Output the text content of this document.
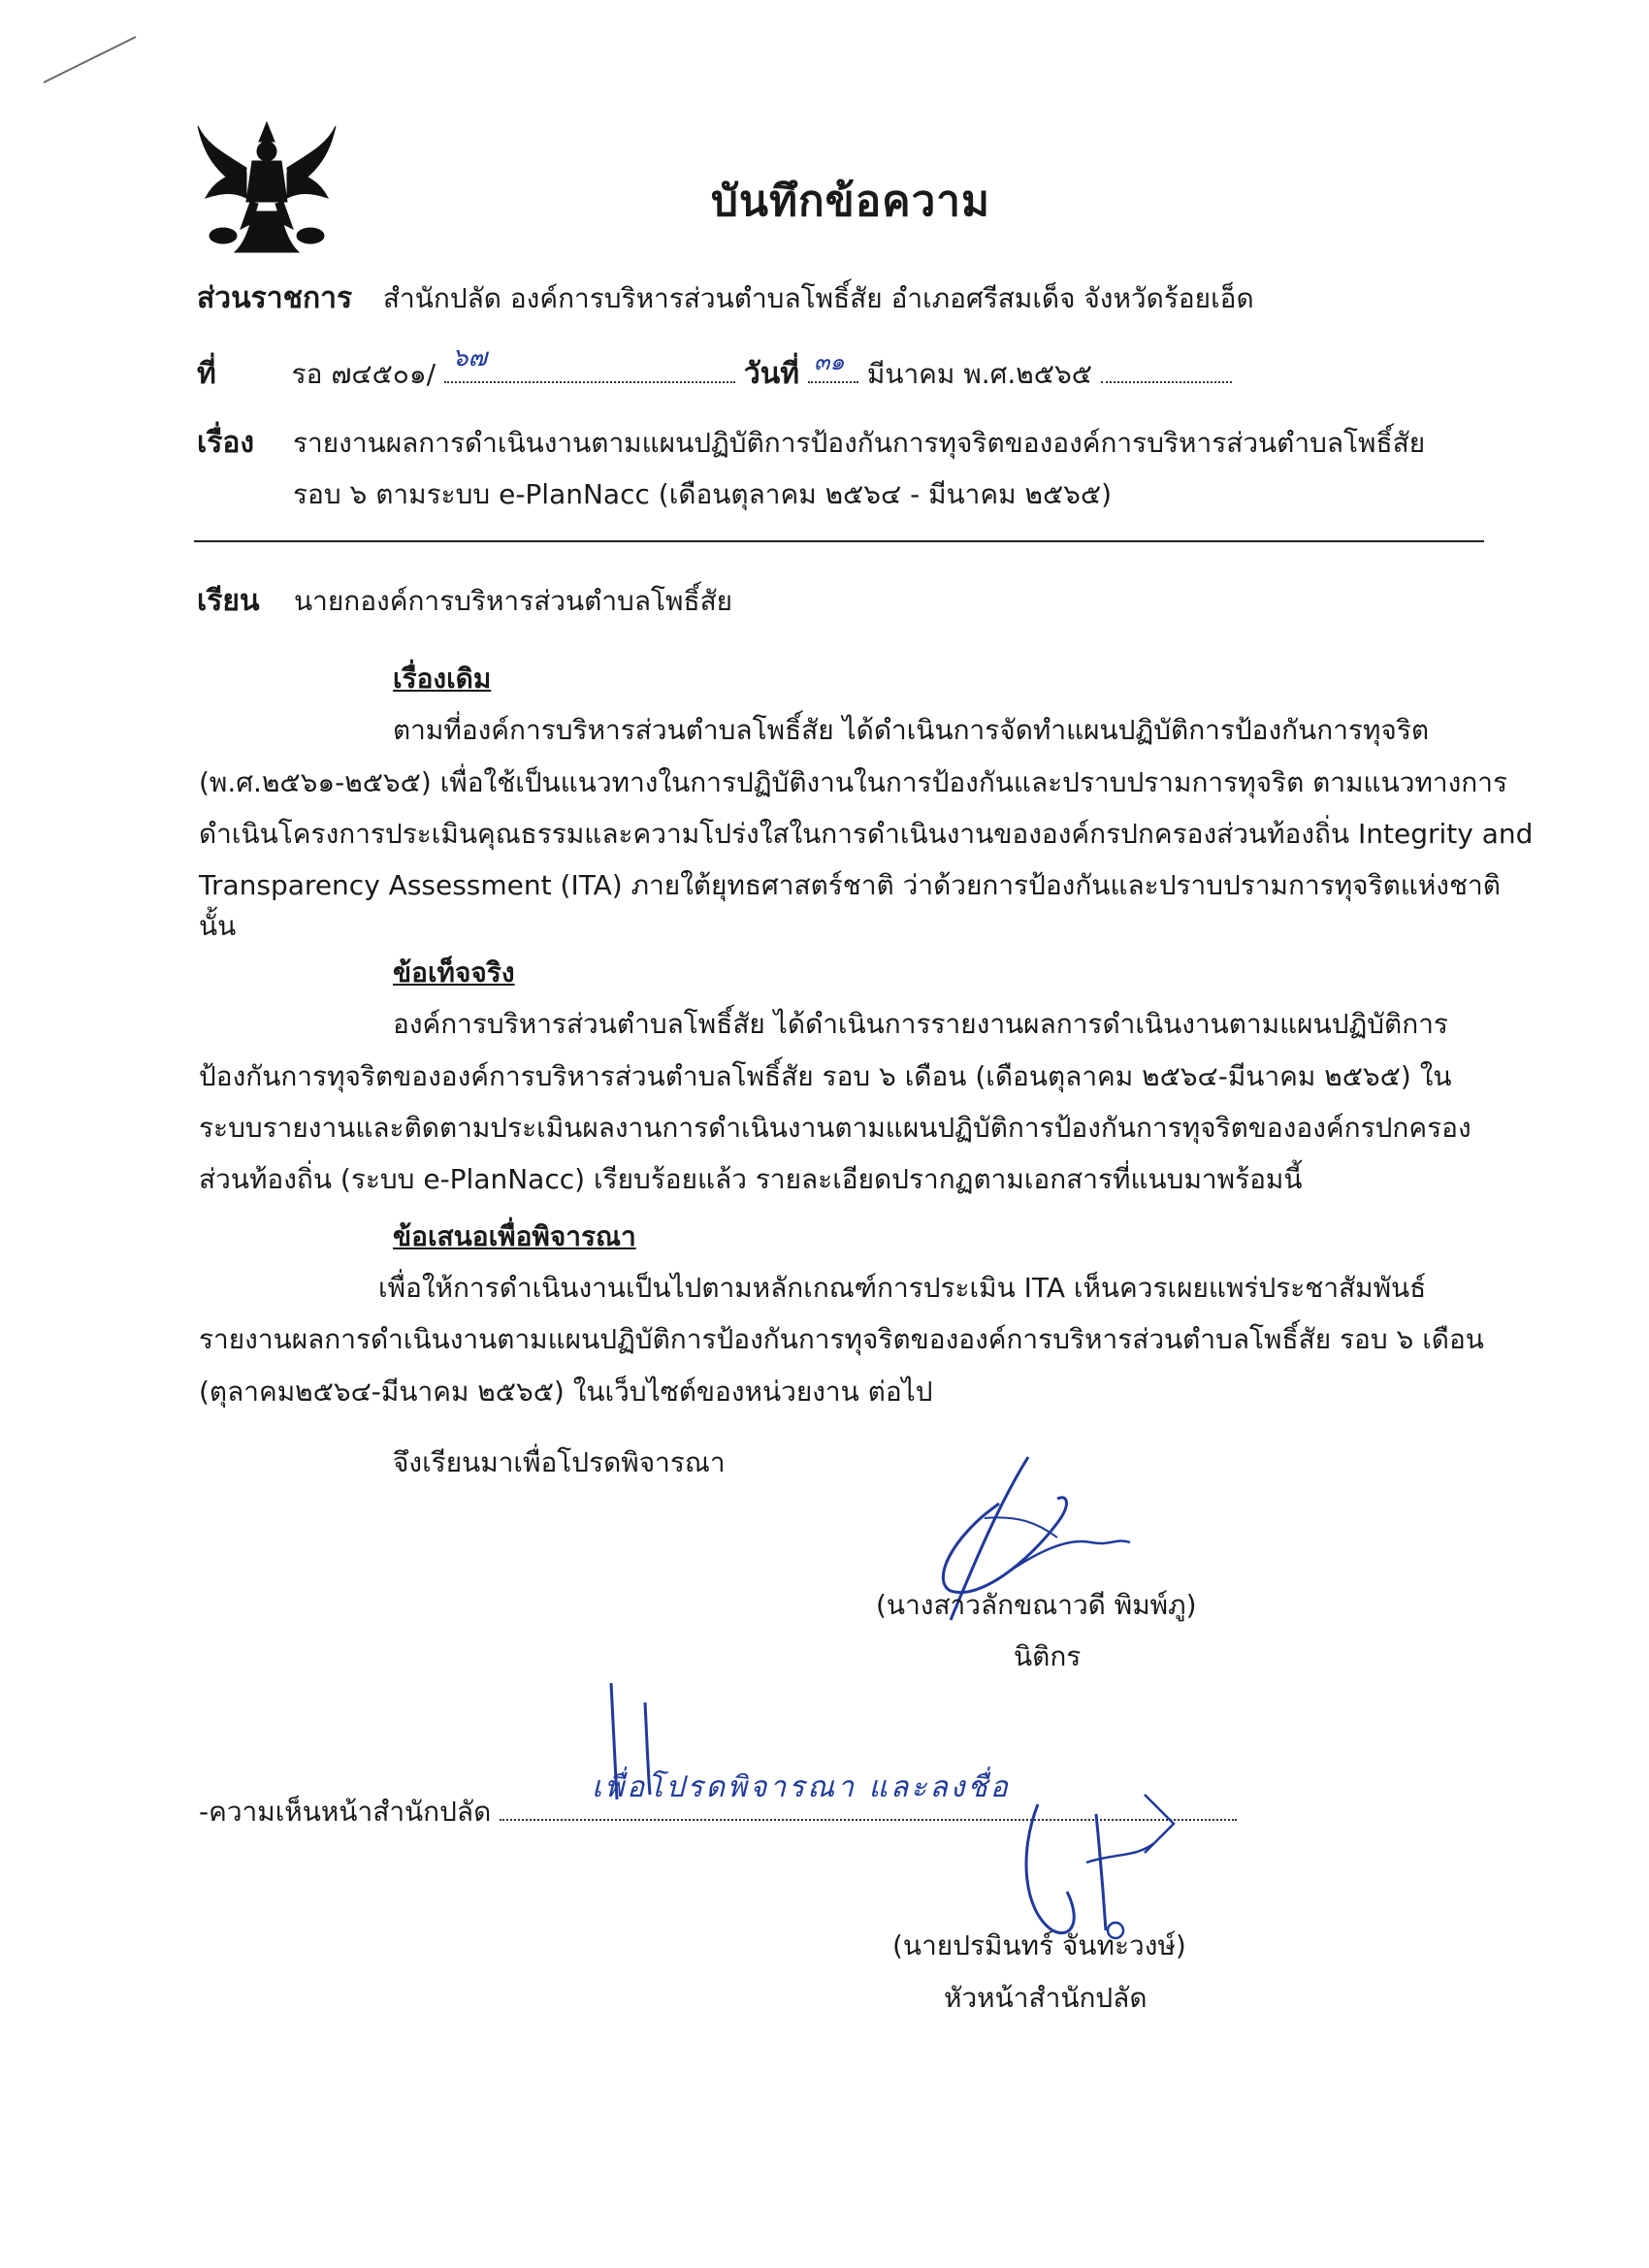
บันทึกข้อความ
ส่วนราชการ สำนักปลัด องค์การบริหารส่วนตำบลโพธิ์สัย อำเภอศรีสมเด็จ จังหวัดร้อยเอ็ด
ที่	รอ ๗๔๕๐๑/ ๖๗	วันที่ ๓๑ มีนาคม พ.ศ.๒๕๖๕
เรื่อง รายงานผลการดำเนินงานตามแผนปฏิบัติการป้องกันการทุจริตขององค์การบริหารส่วนตำบลโพธิ์สัย
รอบ ๖ ตามระบบ e-PlanNacc (เดือนตุลาคม ๒๕๖๔ - มีนาคม ๒๕๖๕)
เรียน นายกองค์การบริหารส่วนตำบลโพธิ์สัย
เรื่องเดิม
ตามที่องค์การบริหารส่วนตำบลโพธิ์สัย ได้ดำเนินการจัดทำแผนปฏิบัติการป้องกันการทุจริต
(พ.ศ.๒๕๖๑-๒๕๖๕) เพื่อใช้เป็นแนวทางในการปฏิบัติงานในการป้องกันและปราบปรามการทุจริต ตามแนวทางการ
ดำเนินโครงการประเมินคุณธรรมและความโปร่งใสในการดำเนินงานขององค์กรปกครองส่วนท้องถิ่น Integrity and
Transparency Assessment (ITA) ภายใต้ยุทธศาสตร์ชาติ ว่าด้วยการป้องกันและปราบปรามการทุจริตแห่งชาติ
นั้น
ข้อเท็จจริง
องค์การบริหารส่วนตำบลโพธิ์สัย ได้ดำเนินการรายงานผลการดำเนินงานตามแผนปฏิบัติการ
ป้องกันการทุจริตขององค์การบริหารส่วนตำบลโพธิ์สัย รอบ ๖ เดือน (เดือนตุลาคม ๒๕๖๔-มีนาคม ๒๕๖๕) ใน
ระบบรายงานและติดตามประเมินผลงานการดำเนินงานตามแผนปฏิบัติการป้องกันการทุจริตขององค์กรปกครอง
ส่วนท้องถิ่น (ระบบ e-PlanNacc) เรียบร้อยแล้ว รายละเอียดปรากฏตามเอกสารที่แนบมาพร้อมนี้
ข้อเสนอเพื่อพิจารณา
เพื่อให้การดำเนินงานเป็นไปตามหลักเกณฑ์การประเมิน ITA เห็นควรเผยแพร่ประชาสัมพันธ์
รายงานผลการดำเนินงานตามแผนปฏิบัติการป้องกันการทุจริตขององค์การบริหารส่วนตำบลโพธิ์สัย รอบ ๖ เดือน
(ตุลาคม๒๕๖๔-มีนาคม ๒๕๖๕) ในเว็บไซต์ของหน่วยงาน ต่อไป
จึงเรียนมาเพื่อโปรดพิจารณา
(นางสาวลักขณาวดี พิมพ์ภู)
นิติกร
-ความเห็นหน้าสำนักปลัด
เพื่อโปรดพิจารณา และลงชื่อ
(นายปรมินทร์ จันทะวงษ์)
หัวหน้าสำนักปลัด
